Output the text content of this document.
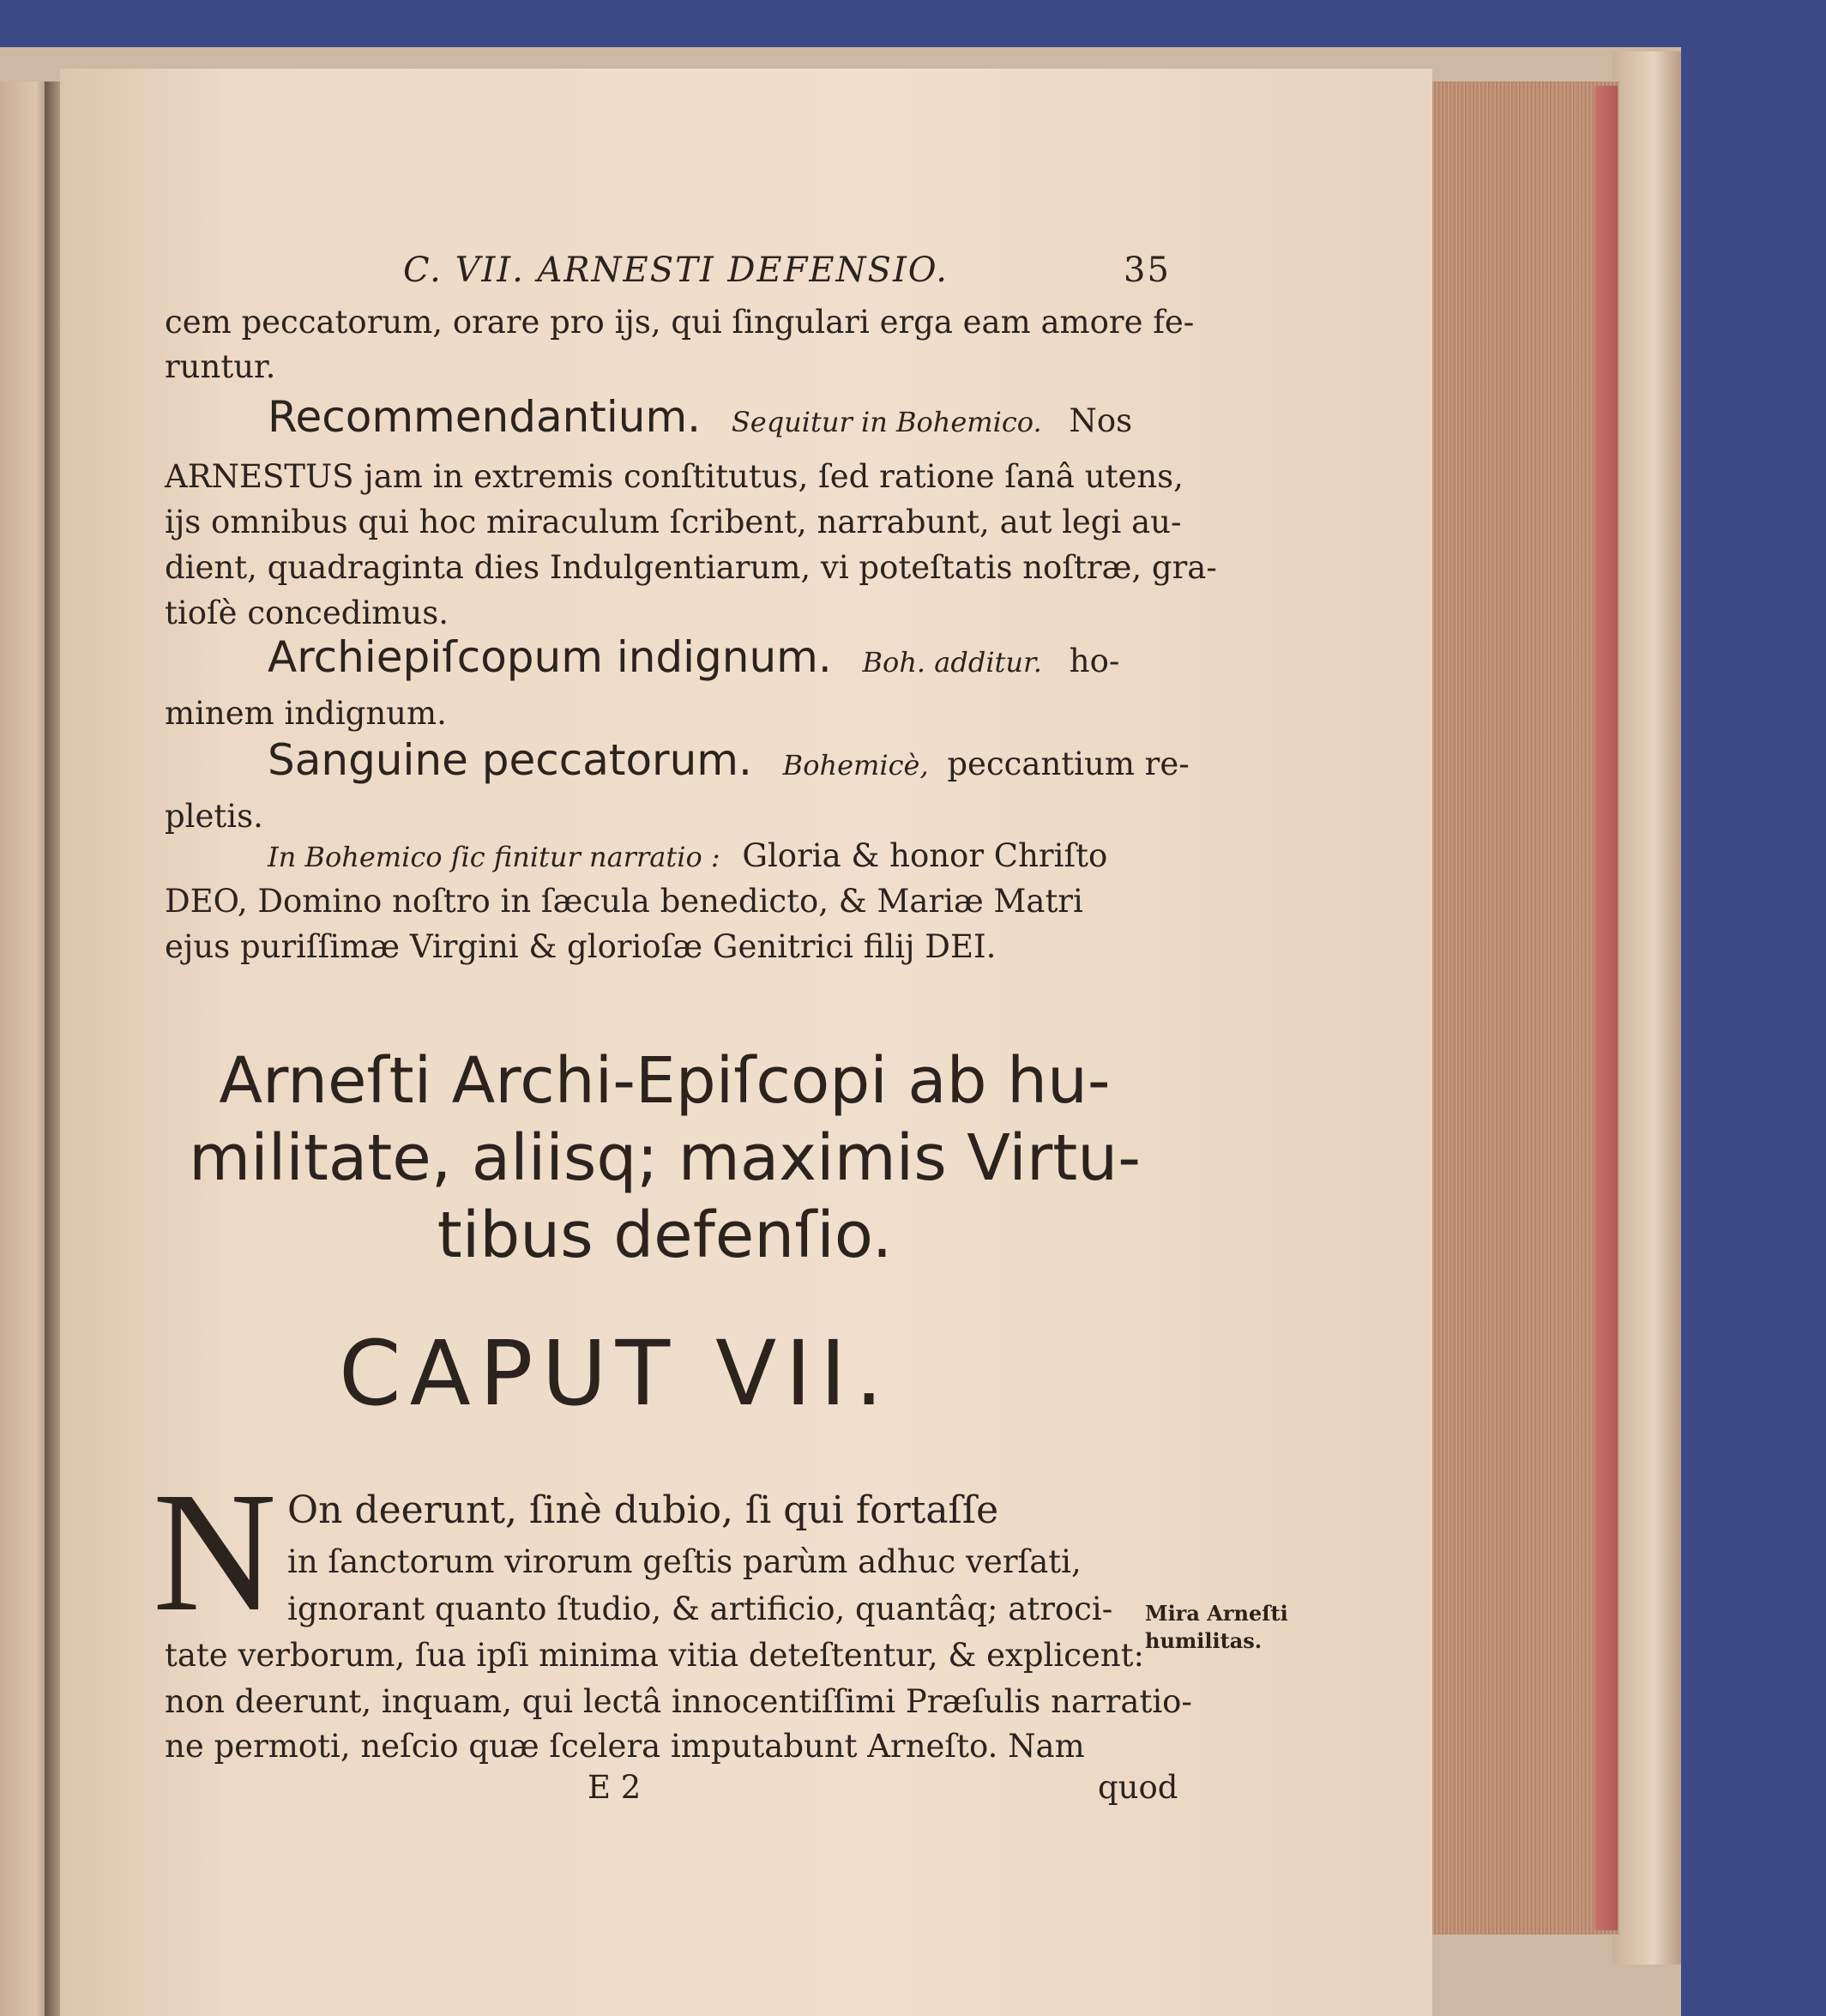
C. VII. ARNESTI DEFENSIO.	35
cem peccatorum, orare pro ijs, qui ſingulari erga eam amore fe-
runtur.
Recommendantium. Sequitur in Bohemico. Nos
ARNESTUS jam in extremis conſtitutus, ſed ratione ſanâ utens,
ijs omnibus qui hoc miraculum ſcribent, narrabunt, aut legi au-
dient, quadraginta dies Indulgentiarum, vi poteſtatis noſtræ, gra-
tioſè concedimus.
Archiepiſcopum indignum. Boh. additur. ho-
minem indignum.
Sanguine peccatorum. Bohemicè, peccantium re-
pletis.
In Bohemico ſic finitur narratio : Gloria & honor Chriſto
DEO, Domino noſtro in ſæcula benedicto, & Mariæ Matri
ejus puriſſimæ Virgini & glorioſæ Genitrici filij DEI.
Arneſti Archi-Epiſcopi ab hu-
militate, aliisq; maximis Virtu-
tibus defenſio.
CAPUT VII.
N On deerunt, ſinè dubio, ſi qui fortaſſe
in ſanctorum virorum geſtis parùm adhuc verſati,
ignorant quanto ſtudio, & artificio, quantâq; atroci-
tate verborum, ſua ipſi minima vitia deteſtentur, & explicent:
non deerunt, inquam, qui lectâ innocentiſſimi Præſulis narratio-
ne permoti, neſcio quæ ſcelera imputabunt Arneſto. Nam
E 2	quod
Mira Arneſti
humilitas.
